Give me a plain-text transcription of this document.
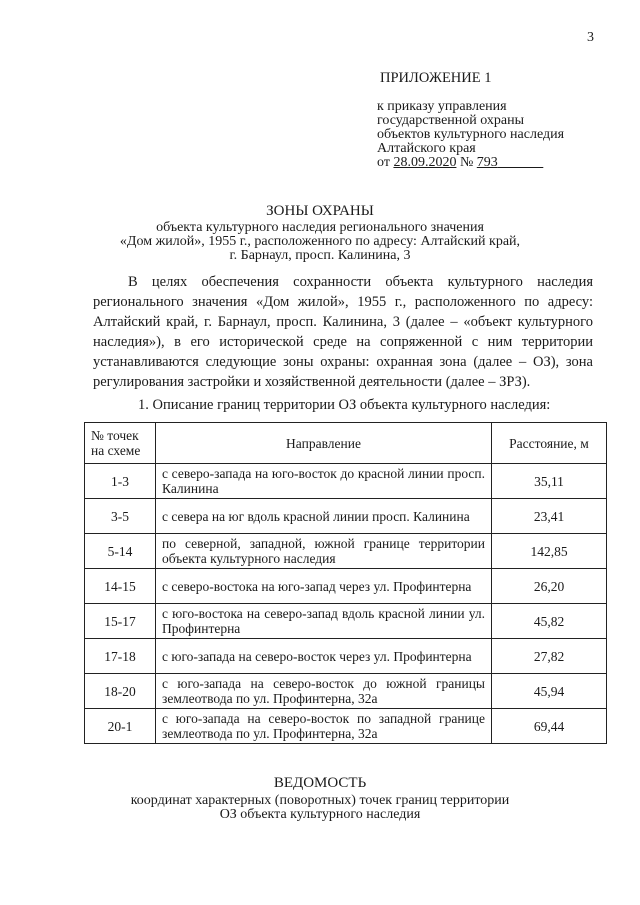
3
ПРИЛОЖЕНИЕ 1
к приказу управления
государственной охраны
объектов культурного наследия
Алтайского края
от 28.09.2020 № 793
ЗОНЫ ОХРАНЫ
объекта культурного наследия регионального значения
«Дом жилой», 1955 г., расположенного по адресу: Алтайский край,
г. Барнаул, просп. Калинина, 3
В целях обеспечения сохранности объекта культурного наследия регионального значения «Дом жилой», 1955 г., расположенного по адресу: Алтайский край, г. Барнаул, просп. Калинина, 3 (далее – «объект культурного наследия»), в его исторической среде на сопряженной с ним территории устанавливаются следующие зоны охраны: охранная зона (далее – ОЗ), зона регулирования застройки и хозяйственной деятельности (далее – ЗРЗ).
1. Описание границ территории ОЗ объекта культурного наследия:
№ точек
на схеме	Направление	Расстояние, м
1-3	с северо-запада на юго-восток до красной линии просп. Калинина	35,11
3-5	с севера на юг вдоль красной линии просп. Калинина	23,41
5-14	по северной, западной, южной границе территории объекта культурного наследия	142,85
14-15	с северо-востока на юго-запад через ул. Профинтерна	26,20
15-17	с юго-востока на северо-запад вдоль красной линии ул. Профинтерна	45,82
17-18	с юго-запада на северо-восток через ул. Профинтерна	27,82
18-20	с юго-запада на северо-восток до южной границы землеотвода по ул. Профинтерна, 32а	45,94
20-1	с юго-запада на северо-восток по западной границе землеотвода по ул. Профинтерна, 32а	69,44
ВЕДОМОСТЬ
координат характерных (поворотных) точек границ территории
ОЗ объекта культурного наследия
